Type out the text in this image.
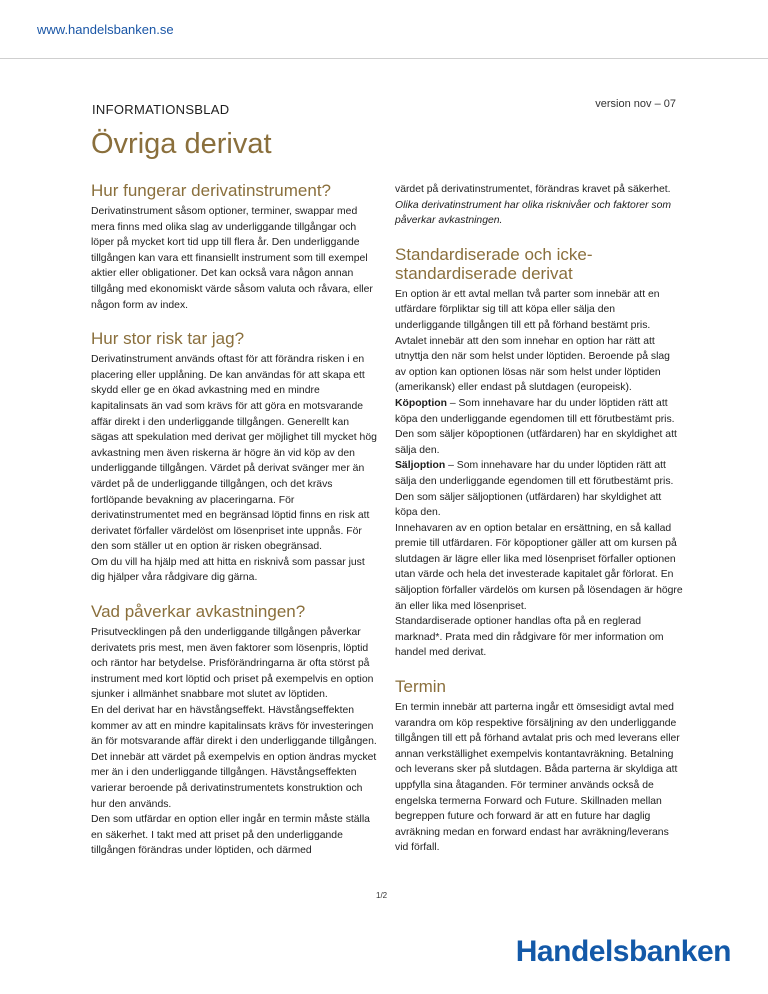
www.handelsbanken.se
INFORMATIONSBLAD	version nov – 07
Övriga derivat
Hur fungerar derivatinstrument?

Derivatinstrument såsom optioner, terminer, swappar med mera finns med olika slag av underliggande tillgångar och löper på mycket kort tid upp till flera år. Den underliggande tillgången kan vara ett finansiellt instrument som till exempel aktier eller obligationer. Det kan också vara någon annan tillgång med ekonomiskt värde såsom valuta och råvara, eller någon form av index.

Hur stor risk tar jag?

Derivatinstrument används oftast för att förändra risken i en placering eller upplåning. De kan användas för att skapa ett skydd eller ge en ökad avkastning med en mindre kapitalinsats än vad som krävs för att göra en motsvarande affär direkt i den underliggande tillgången. Generellt kan sägas att spekulation med derivat ger möjlighet till mycket hög avkastning men även riskerna är högre än vid köp av den underliggande tillgången. Värdet på derivat svänger mer än värdet på de underliggande tillgången, och det krävs fortlöpande bevakning av placeringarna. För derivatinstrumentet med en begränsad löptid finns en risk att derivatet förfaller värdelöst om lösenpriset inte uppnås. För den som ställer ut en option är risken obegränsad.

Om du vill ha hjälp med att hitta en risknivå som passar just dig hjälper våra rådgivare dig gärna.

Vad påverkar avkastningen?

Prisutvecklingen på den underliggande tillgången påverkar derivatets pris mest, men även faktorer som lösenpris, löptid och räntor har betydelse. Prisförändringarna är ofta störst på instrument med kort löptid och priset på exempelvis en option sjunker i allmänhet snabbare mot slutet av löptiden.

En del derivat har en hävstångseffekt. Hävstångseffekten kommer av att en mindre kapitalinsats krävs för investeringen än för motsvarande affär direkt i den underliggande tillgången. Det innebär att värdet på exempelvis en option ändras mycket mer än i den underliggande tillgången. Hävstångseffekten varierar beroende på derivatinstrumentets konstruktion och hur den används.

Den som utfärdar en option eller ingår en termin måste ställa en säkerhet. I takt med att priset på den underliggande tillgången förändras under löptiden, och därmed

värdet på derivatinstrumentet, förändras kravet på säkerhet.

Olika derivatinstrument har olika risknivåer och faktorer som påverkar avkastningen.

Standardiserade och icke-standardiserade derivat

En option är ett avtal mellan två parter som innebär att en utfärdare förpliktar sig till att köpa eller sälja den underliggande tillgången till ett på förhand bestämt pris. Avtalet innebär att den som innehar en option har rätt att utnyttja den när som helst under löptiden. Beroende på slag av option kan optionen lösas när som helst under löptiden (amerikansk) eller endast på slutdagen (europeisk).

Köpoption – Som innehavare har du under löptiden rätt att köpa den underliggande egendomen till ett förutbestämt pris. Den som säljer köpoptionen (utfärdaren) har en skyldighet att sälja den.

Säljoption – Som innehavare har du under löptiden rätt att sälja den underliggande egendomen till ett förutbestämt pris. Den som säljer säljoptionen (utfärdaren) har skyldighet att köpa den.

Innehavaren av en option betalar en ersättning, en så kallad premie till utfärdaren. För köpoptioner gäller att om kursen på slutdagen är lägre eller lika med lösenpriset förfaller optionen utan värde och hela det investerade kapitalet går förlorat. En säljoption förfaller värdelös om kursen på lösendagen är högre än eller lika med lösenpriset.

Standardiserade optioner handlas ofta på en reglerad marknad*. Prata med din rådgivare för mer information om handel med derivat.

Termin

En termin innebär att parterna ingår ett ömsesidigt avtal med varandra om köp respektive försäljning av den underliggande tillgången till ett på förhand avtalat pris och med leverans eller annan verkställighet exempelvis kontantavräkning. Betalning och leverans sker på slutdagen. Båda parterna är skyldiga att uppfylla sina åtaganden. För terminer används också de engelska termerna Forward och Future. Skillnaden mellan begreppen future och forward är att en future har daglig avräkning medan en forward endast har avräkning/leverans vid förfall.

1/2
Handelsbanken
